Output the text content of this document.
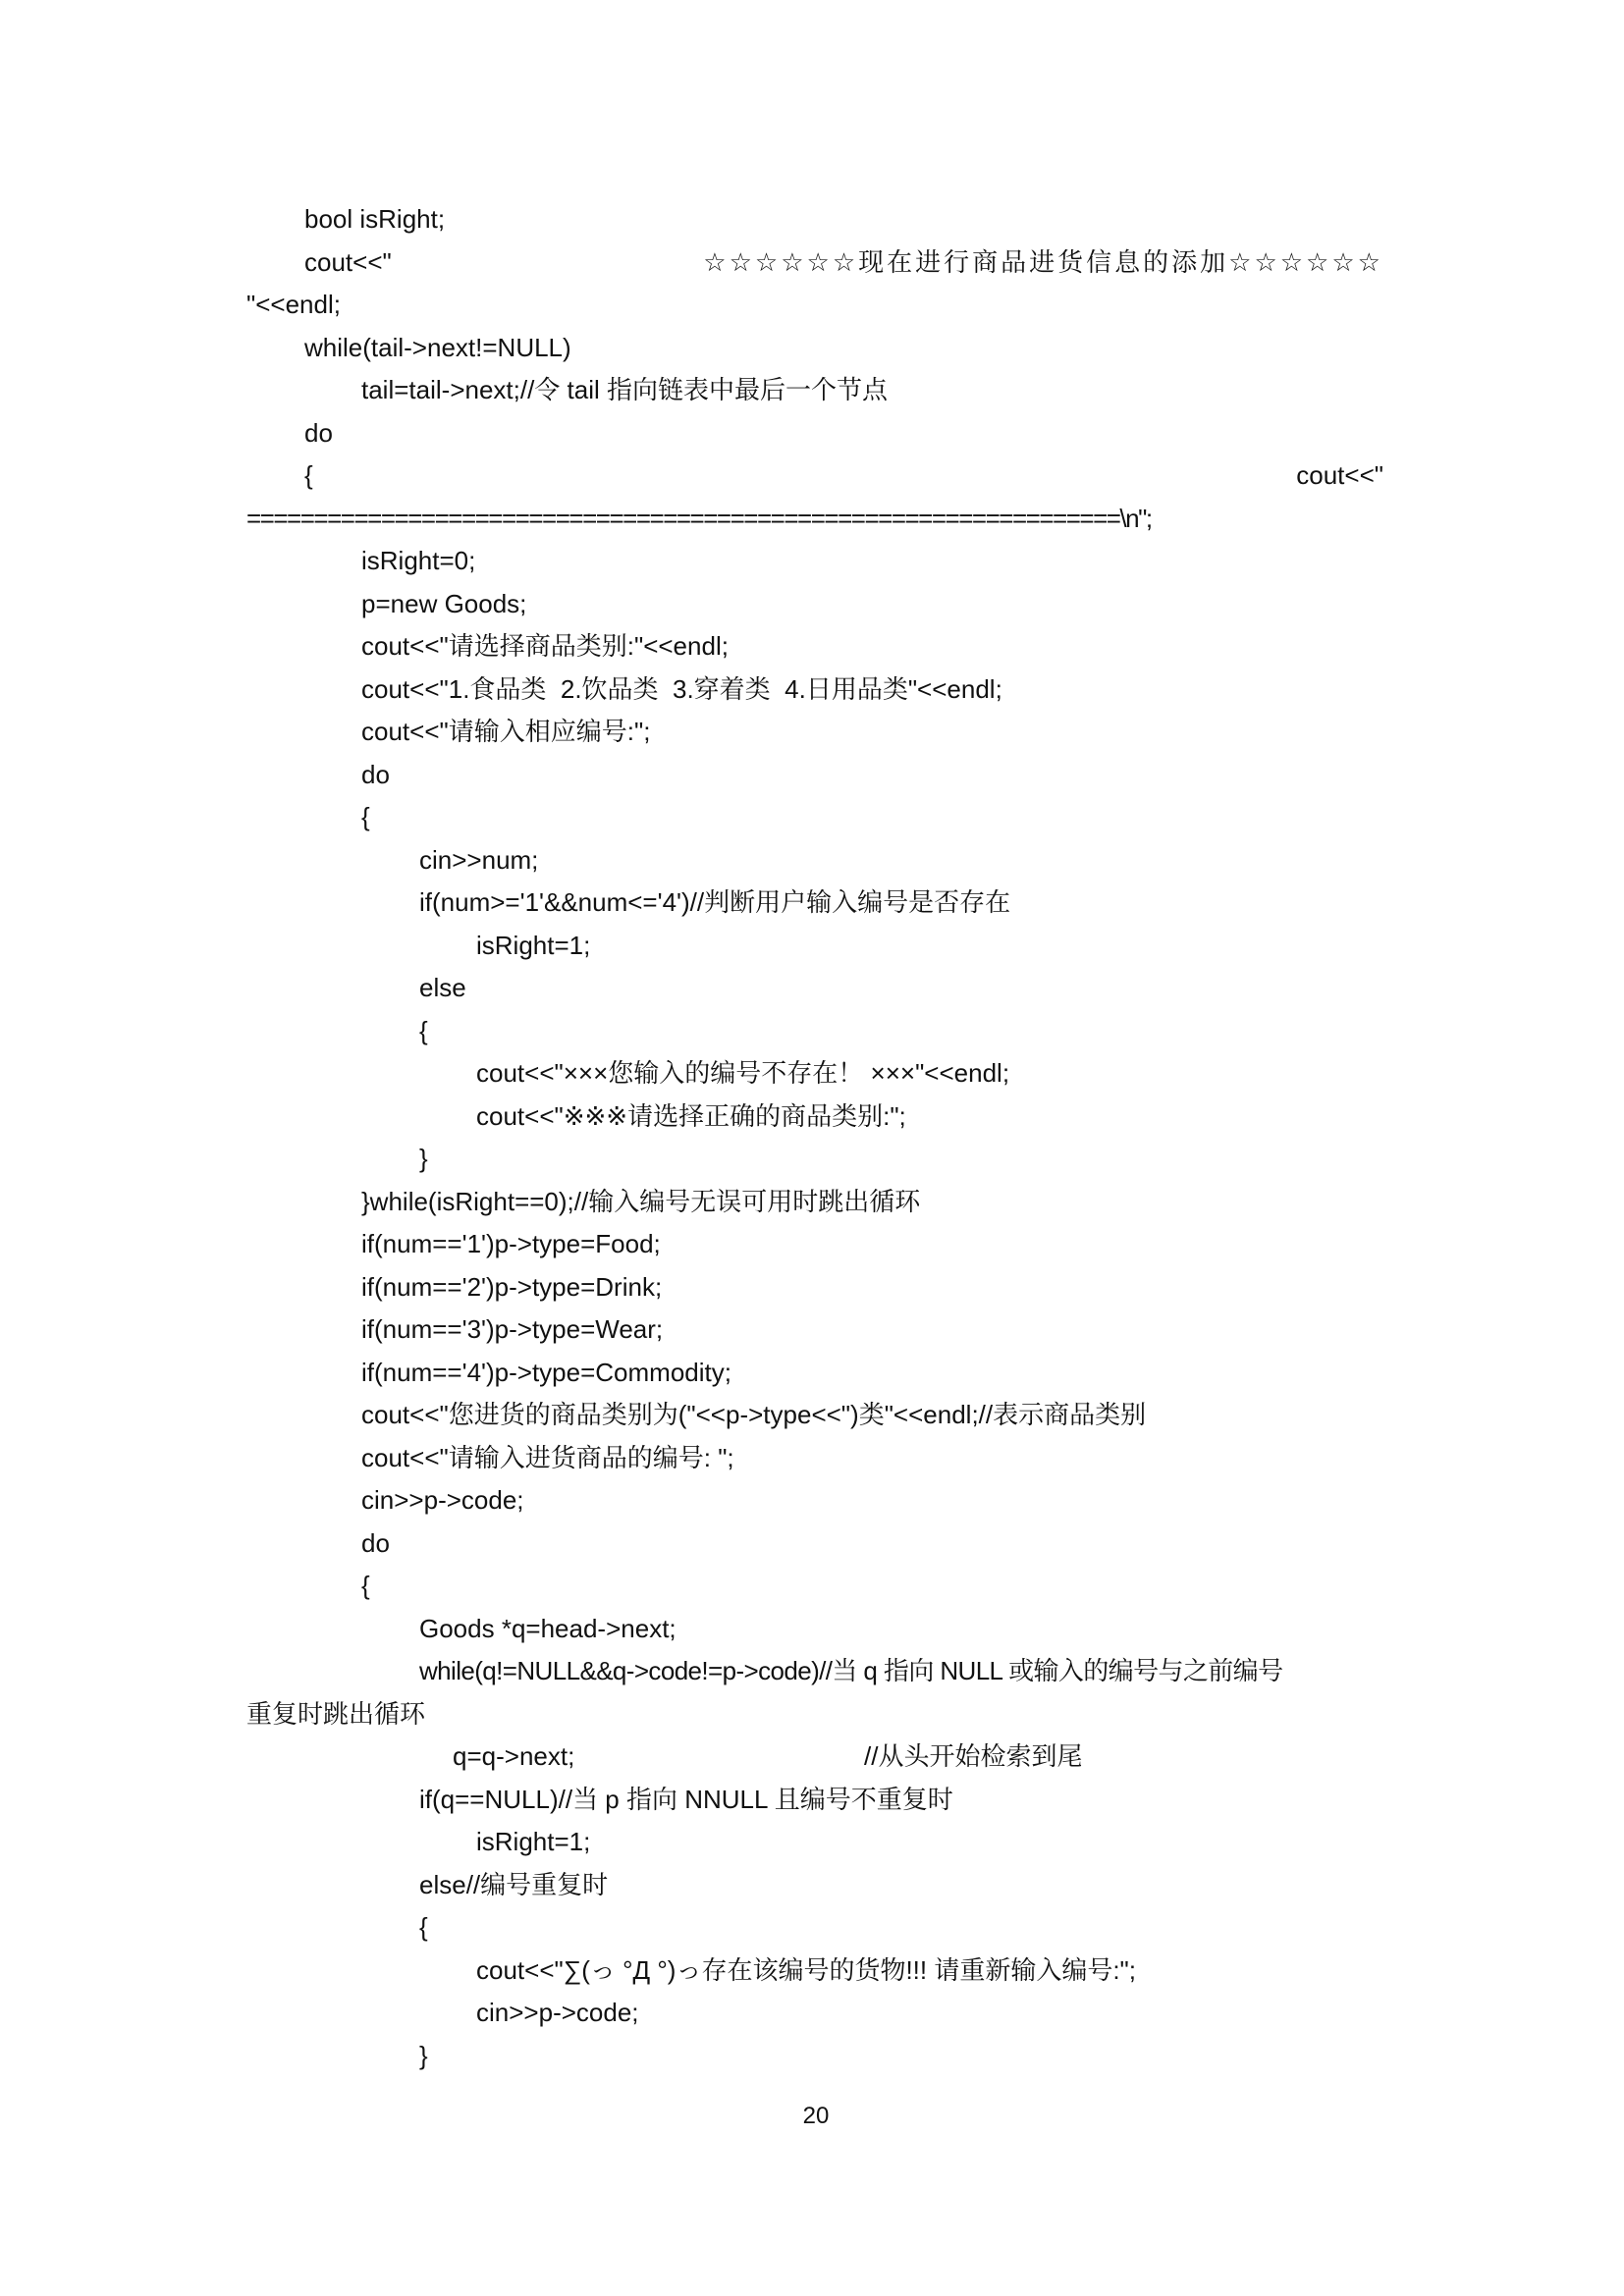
bool isRight;
cout<<"	☆☆☆☆☆☆现在进行商品进货信息的添加☆☆☆☆☆☆
"<<endl;
while(tail->next!=NULL)
tail=tail->next;//令 tail 指向链表中最后一个节点
do
{	cout<<"
=================================================================\n";
isRight=0;
p=new Goods;
cout<<"请选择商品类别:"<<endl;
cout<<"1.食品类  2.饮品类  3.穿着类  4.日用品类"<<endl;
cout<<"请输入相应编号:";
do
{
cin>>num;
if(num>='1'&&num<='4')//判断用户输入编号是否存在
isRight=1;
else
{
cout<<"×××您输入的编号不存在！ ×××"<<endl;
cout<<"※※※请选择正确的商品类别:";
}
}while(isRight==0);//输入编号无误可用时跳出循环
if(num=='1')p->type=Food;
if(num=='2')p->type=Drink;
if(num=='3')p->type=Wear;
if(num=='4')p->type=Commodity;
cout<<"您进货的商品类别为("<<p->type<<")类"<<endl;//表示商品类别
cout<<"请输入进货商品的编号: ";
cin>>p->code;
do
{
Goods *q=head->next;
while(q!=NULL&&q->code!=p->code)//当 q 指向 NULL 或输入的编号与之前编号
重复时跳出循环
q=q->next;	//从头开始检索到尾
if(q==NULL)//当 p 指向 NNULL 且编号不重复时
isRight=1;
else//编号重复时
{
cout<<"∑(っ °Д °)っ存在该编号的货物!!! 请重新输入编号:";
cin>>p->code;
}
20
